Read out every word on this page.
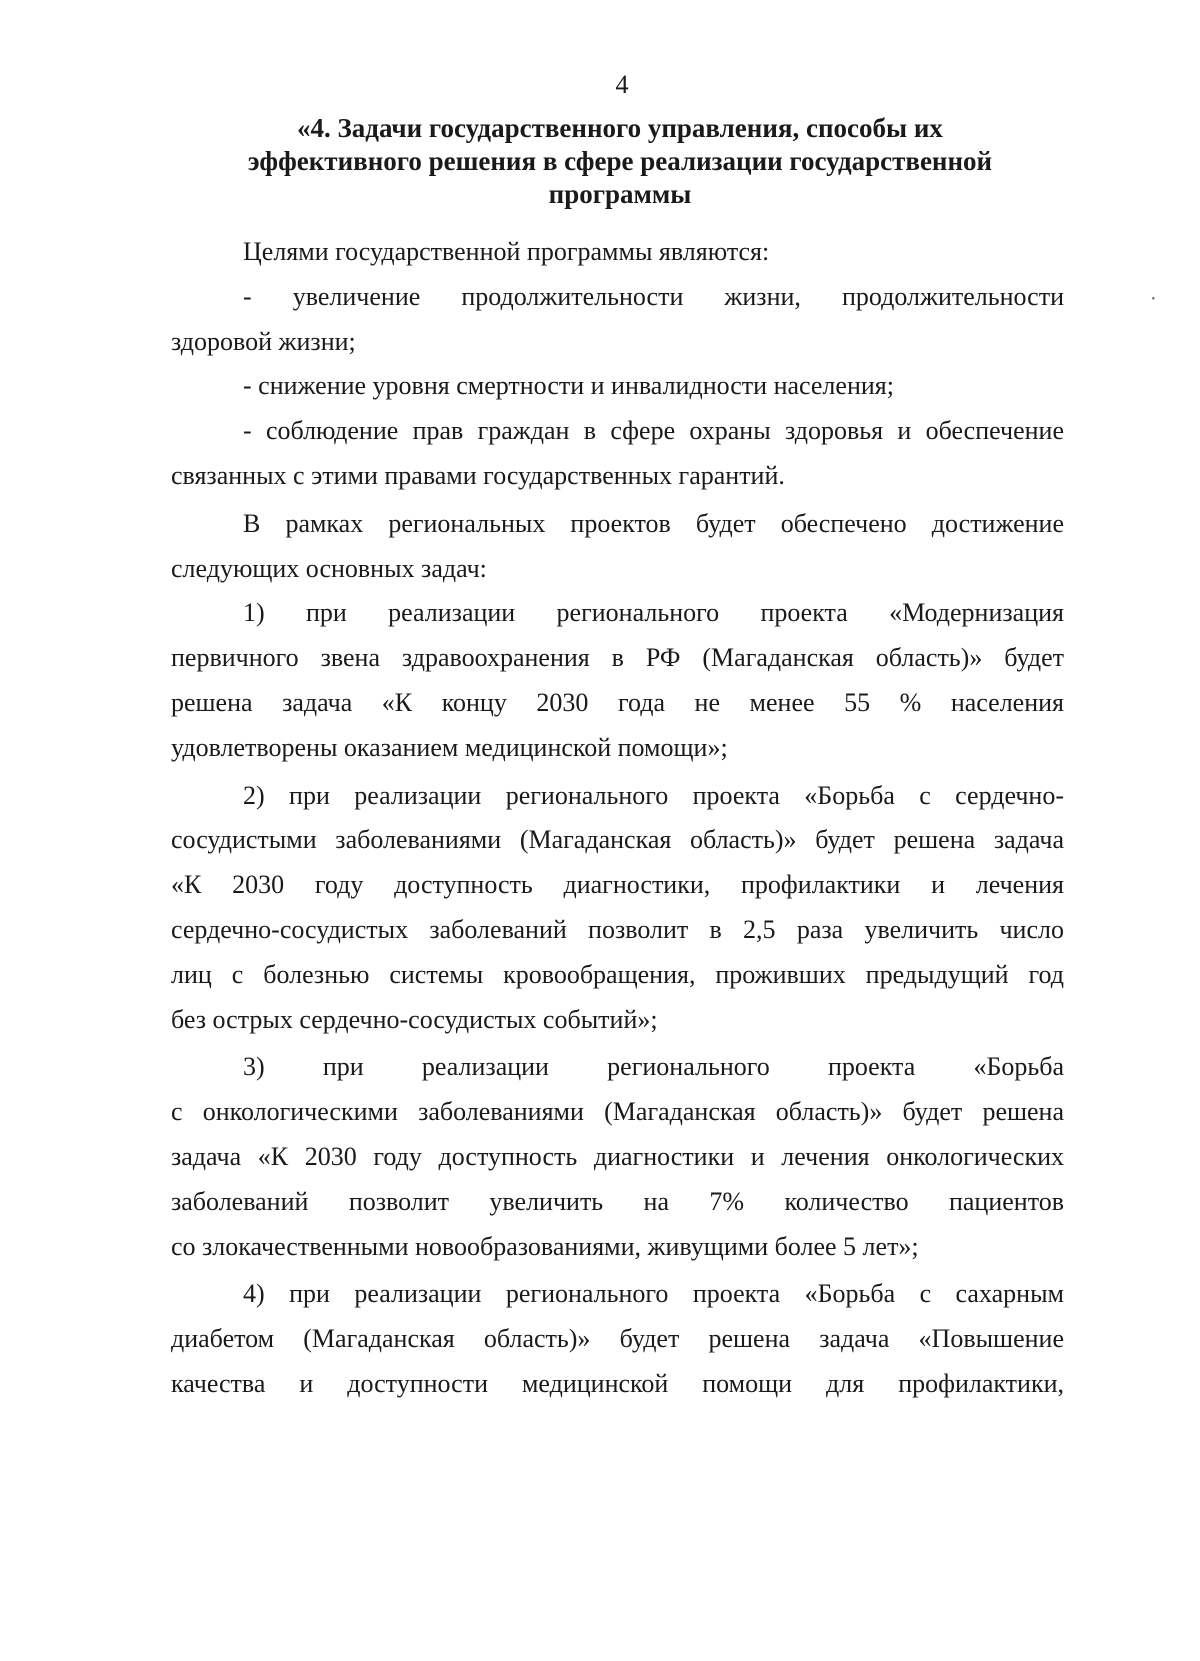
4
«4. Задачи государственного управления, способы их
эффективного решения в сфере реализации государственной
программы

Целями государственной программы являются:

- увеличение продолжительности жизни, продолжительности
здоровой жизни;

- снижение уровня смертности и инвалидности населения;

- соблюдение прав граждан в сфере охраны здоровья и обеспечение
связанных с этими правами государственных гарантий.

В рамках региональных проектов будет обеспечено достижение
следующих основных задач:

1) при реализации регионального проекта «Модернизация
первичного звена здравоохранения в РФ (Магаданская область)» будет
решена задача «К концу 2030 года не менее 55 % населения
удовлетворены оказанием медицинской помощи»;

2) при реализации регионального проекта «Борьба с сердечно-
сосудистыми заболеваниями (Магаданская область)» будет решена задача
«К 2030 году доступность диагностики, профилактики и лечения
сердечно-сосудистых заболеваний позволит в 2,5 раза увеличить число
лиц с болезнью системы кровообращения, проживших предыдущий год
без острых сердечно-сосудистых событий»;

3) при реализации регионального проекта «Борьба
с онкологическими заболеваниями (Магаданская область)» будет решена
задача «К 2030 году доступность диагностики и лечения онкологических
заболеваний позволит увеличить на 7% количество пациентов
со злокачественными новообразованиями, живущими более 5 лет»;

4) при реализации регионального проекта «Борьба с сахарным
диабетом (Магаданская область)» будет решена задача «Повышение
качества и доступности медицинской помощи для профилактики,

·
